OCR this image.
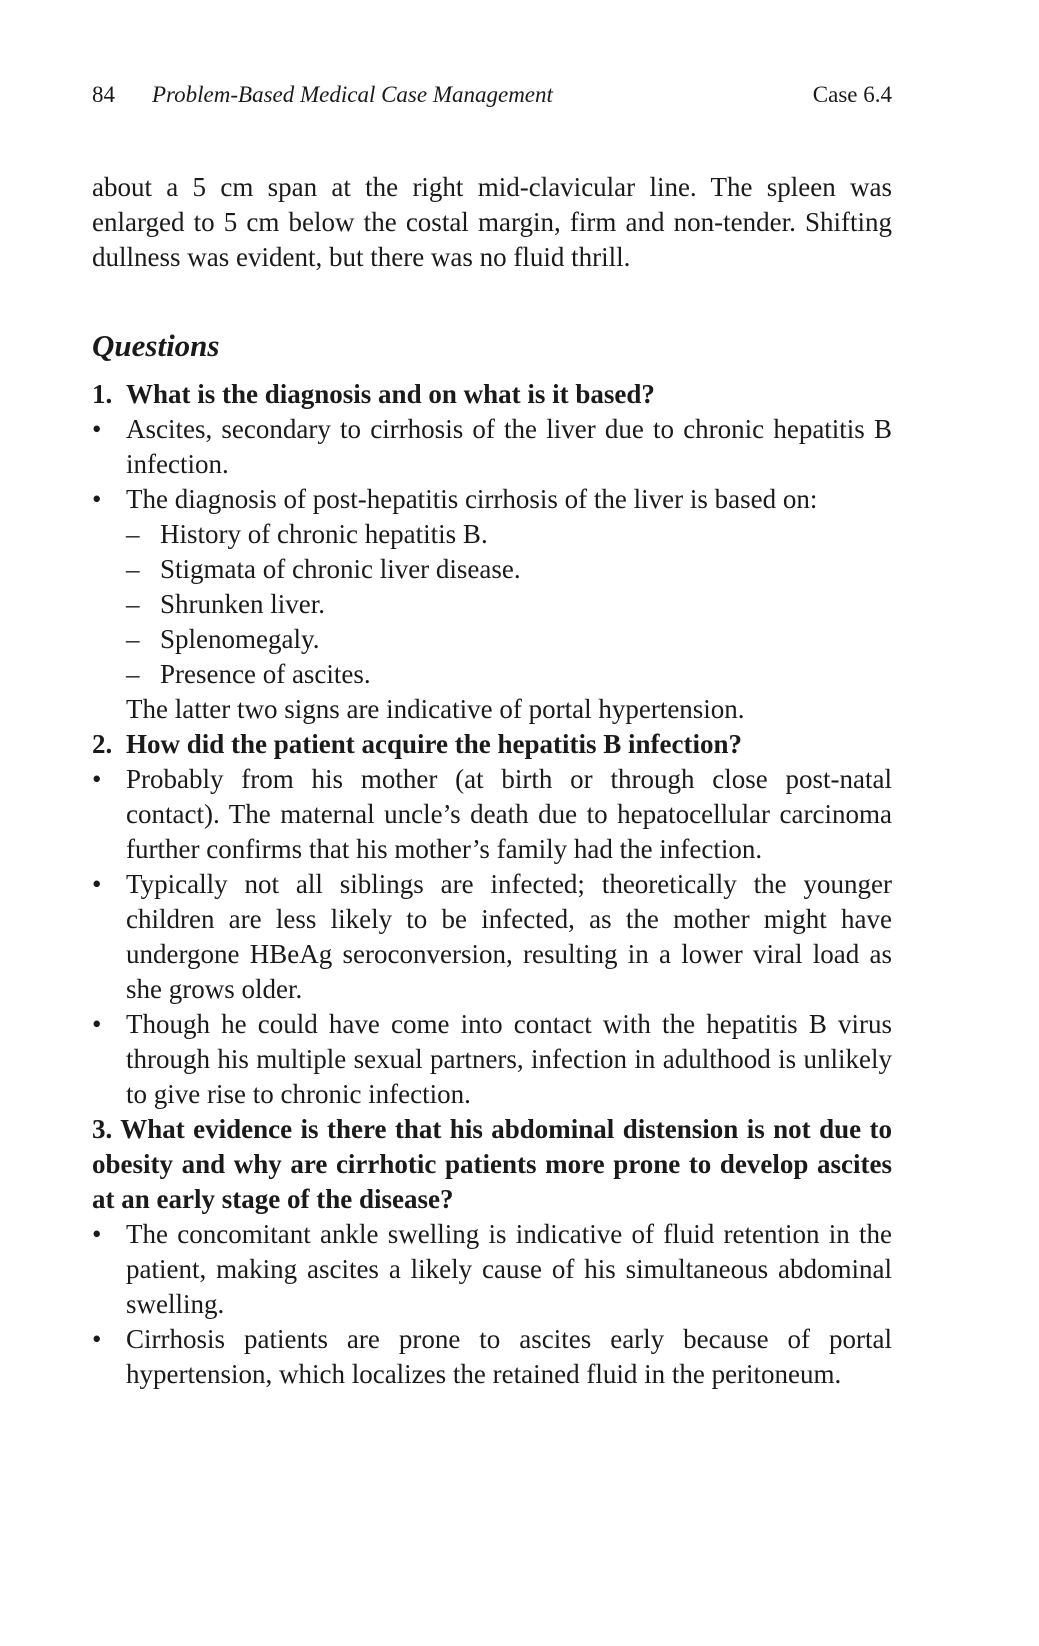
84	Problem-Based Medical Case Management	Case 6.4

about a 5 cm span at the right mid-clavicular line. The spleen was enlarged to 5 cm below the costal margin, firm and non-tender. Shifting dullness was evident, but there was no fluid thrill.

Questions
1. What is the diagnosis and on what is it based?
• Ascites, secondary to cirrhosis of the liver due to chronic hepatitis B infection.
• The diagnosis of post-hepatitis cirrhosis of the liver is based on:
– History of chronic hepatitis B.
– Stigmata of chronic liver disease.
– Shrunken liver.
– Splenomegaly.
– Presence of ascites.
The latter two signs are indicative of portal hypertension.
2. How did the patient acquire the hepatitis B infection?
• Probably from his mother (at birth or through close post-natal contact). The maternal uncle’s death due to hepatocellular carcinoma further confirms that his mother’s family had the infection.
• Typically not all siblings are infected; theoretically the younger children are less likely to be infected, as the mother might have undergone HBeAg seroconversion, resulting in a lower viral load as she grows older.
• Though he could have come into contact with the hepatitis B virus through his multiple sexual partners, infection in adulthood is unlikely to give rise to chronic infection.
3. What evidence is there that his abdominal distension is not due to obesity and why are cirrhotic patients more prone to develop ascites at an early stage of the disease?
• The concomitant ankle swelling is indicative of fluid retention in the patient, making ascites a likely cause of his simultaneous abdominal swelling.
• Cirrhosis patients are prone to ascites early because of portal hypertension, which localizes the retained fluid in the peritoneum.
